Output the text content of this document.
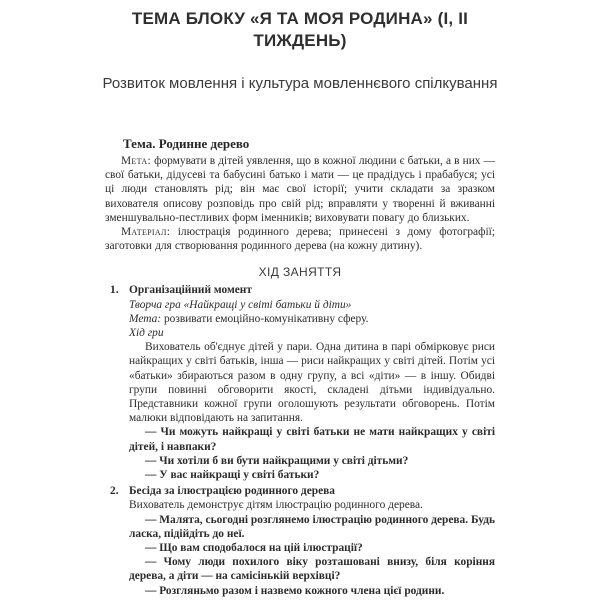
ТЕМА БЛОКУ «Я ТА МОЯ РОДИНА» (I, II ТИЖДЕНЬ)
Розвиток мовлення і культура мовленнєвого спілкування
Тема. Родинне дерево

Мета: формувати в дітей уявлення, що в кожної людини є батьки, а в них — свої батьки, дідусеві та бабусині батько і мати — це прадідусь і прабабуся; усі ці люди становлять рід; він має свої історії; учити складати за зразком вихователя описову розповідь про свій рід; вправляти у творенні й вживанні зменшувально-пестливих форм іменників; виховувати повагу до близьких.

Матеріал: ілюстрація родинного дерева; принесені з дому фотографії; заготовки для створювання родинного дерева (на кожну дитину).

ХІД ЗАНЯТТЯ
1. Організаційний момент

Творча гра «Найкращі у світі батьки й діти»

Мета: розвивати емоційно-комунікативну сферу.

Хід гри

Вихователь об'єднує дітей у пари. Одна дитина в парі обмірковує риси найкращих у світі батьків, інша — риси найкращих у світі дітей. Потім усі «батьки» збираються разом в одну групу, а всі «діти» — в іншу. Обидві групи повинні обговорити якості, складені дітьми індивідуально. Представники кожної групи оголошують результати обговорень. Потім малюки відповідають на запитання.

— Чи можуть найкращі у світі батьки не мати найкращих у світі дітей, і навпаки?

— Чи хотіли б ви бути найкращими у світі дітьми?

— У вас найкращі у світі батьки?

2. Бесіда за ілюстрацією родинного дерева

Вихователь демонструє дітям ілюстрацію родинного дерева.

— Малята, сьогодні розглянемо ілюстрацію родинного дерева. Будь ласка, підійдіть до неї.

— Що вам сподобалося на цій ілюстрації?

— Чому люди похилого віку розташовані внизу, біля коріння дерева, а діти — на самісінькій верхівці?

— Розгляньмо разом і назвемо кожного члена цієї родини.
